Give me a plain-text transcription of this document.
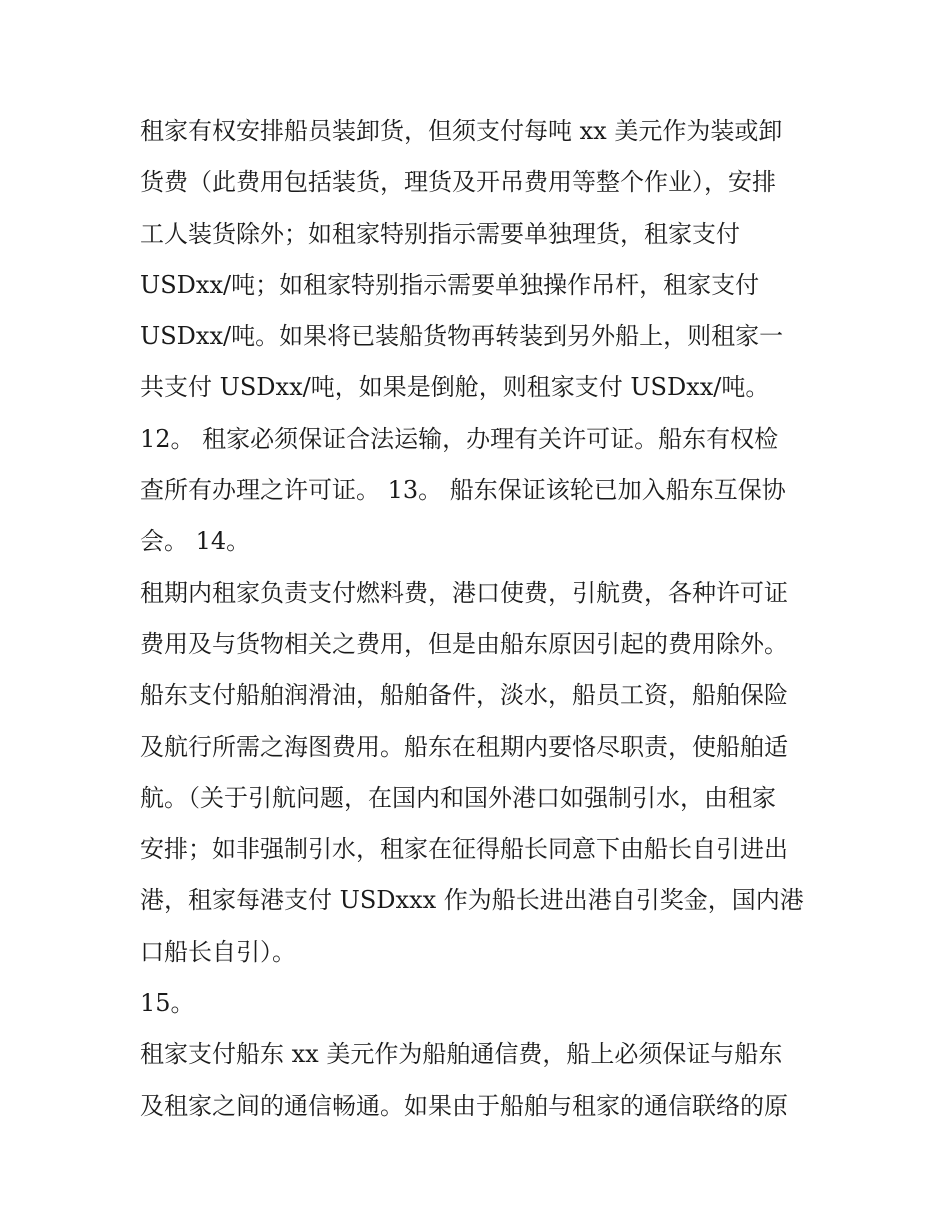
租家有权安排船员装卸货，但须支付每吨 xx 美元作为装或卸
货费（此费用包括装货，理货及开吊费用等整个作业），安排
工人装货除外；如租家特别指示需要单独理货，租家支付
USDxx/吨；如租家特别指示需要单独操作吊杆，租家支付
USDxx/吨。如果将已装船货物再转装到另外船上，则租家一
共支付 USDxx/吨，如果是倒舱，则租家支付 USDxx/吨。
12。 租家必须保证合法运输，办理有关许可证。船东有权检
查所有办理之许可证。 13。 船东保证该轮已加入船东互保协
会。 14。
租期内租家负责支付燃料费，港口使费，引航费，各种许可证
费用及与货物相关之费用，但是由船东原因引起的费用除外。
船东支付船舶润滑油，船舶备件，淡水，船员工资，船舶保险
及航行所需之海图费用。船东在租期内要恪尽职责，使船舶适
航。（关于引航问题，在国内和国外港口如强制引水，由租家
安排；如非强制引水，租家在征得船长同意下由船长自引进出
港，租家每港支付 USDxxx 作为船长进出港自引奖金，国内港
口船长自引）。
15。
租家支付船东 xx 美元作为船舶通信费，船上必须保证与船东
及租家之间的通信畅通。如果由于船舶与租家的通信联络的原
